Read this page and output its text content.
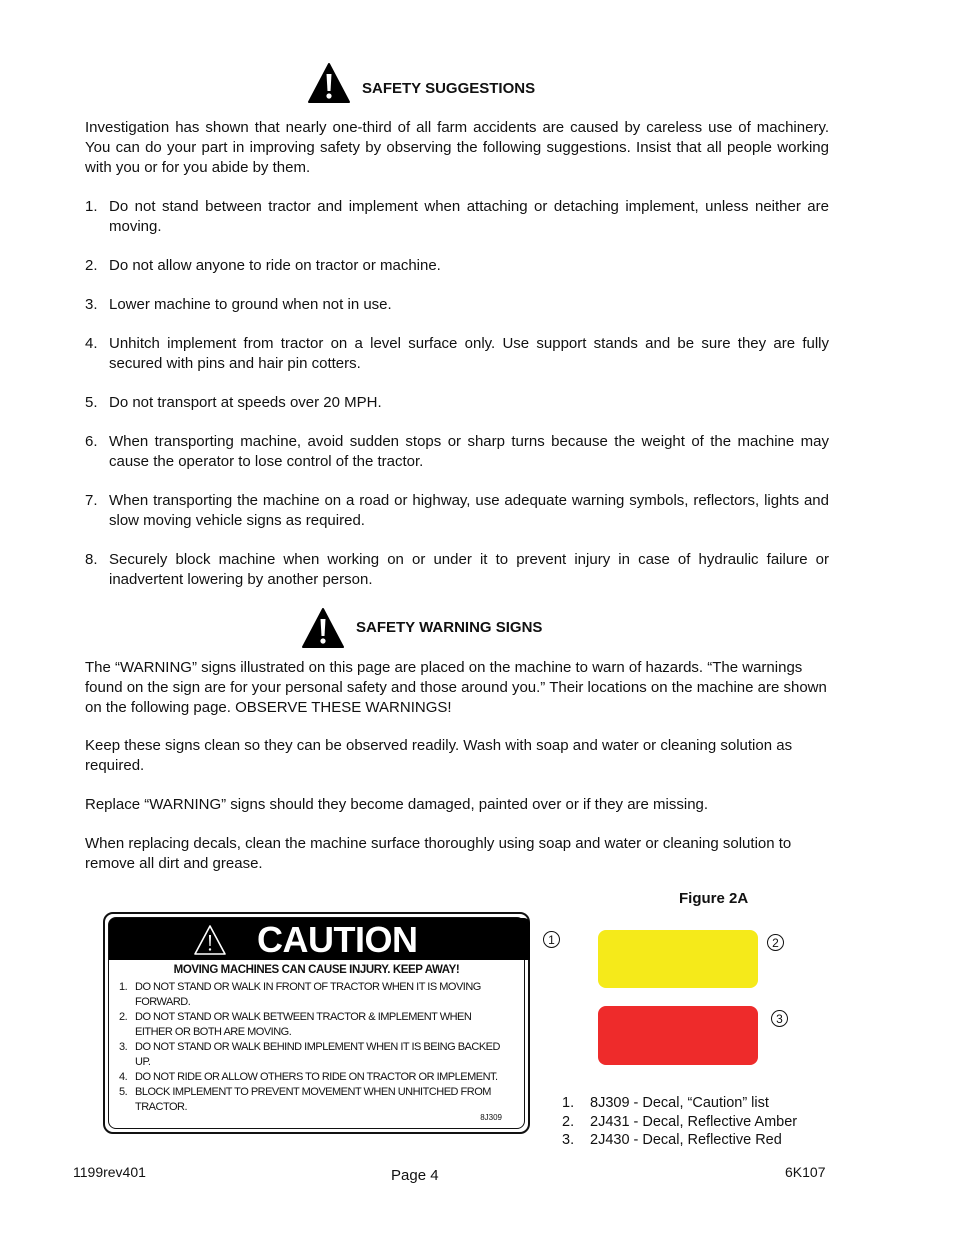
SAFETY SUGGESTIONS
Investigation has shown that nearly one-third of all farm accidents are caused by careless use of machinery. You can do your part in improving safety by observing the following suggestions. Insist that all people working with you or for you abide by them.
1. Do not stand between tractor and implement when attaching or detaching implement, unless neither are moving.
2. Do not allow anyone to ride on tractor or machine.
3. Lower machine to ground when not in use.
4. Unhitch implement from tractor on a level surface only. Use support stands and be sure they are fully secured with pins and hair pin cotters.
5. Do not transport at speeds over 20 MPH.
6. When transporting machine, avoid sudden stops or sharp turns because the weight of the machine may cause the operator to lose control of the tractor.
7. When transporting the machine on a road or highway, use adequate warning symbols, reflectors, lights and slow moving vehicle signs as required.
8. Securely block machine when working on or under it to prevent injury in case of hydraulic failure or inadvertent lowering by another person.
SAFETY WARNING SIGNS
The “WARNING” signs illustrated on this page are placed on the machine to warn of hazards. “The warnings found on the sign are for your personal safety and those around you.” Their locations on the machine are shown on the following page. OBSERVE THESE WARNINGS!
Keep these signs clean so they can be observed readily. Wash with soap and water or cleaning solution as required.
Replace “WARNING” signs should they become damaged, painted over or if they are missing.
When replacing decals, clean the machine surface thoroughly using soap and water or cleaning solution to remove all dirt and grease.
Figure 2A
CAUTION
MOVING MACHINES CAN CAUSE INJURY. KEEP AWAY!
1. DO NOT STAND OR WALK IN FRONT OF TRACTOR WHEN IT IS MOVING FORWARD.
2. DO NOT STAND OR WALK BETWEEN TRACTOR & IMPLEMENT WHEN EITHER OR BOTH ARE MOVING.
3. DO NOT STAND OR WALK BEHIND IMPLEMENT WHEN IT IS BEING BACKED UP.
4. DO NOT RIDE OR ALLOW OTHERS TO RIDE ON TRACTOR OR IMPLEMENT.
5. BLOCK IMPLEMENT TO PREVENT MOVEMENT WHEN UNHITCHED FROM TRACTOR.
8J309
1	2
3
1. 8J309 - Decal, “Caution” list
2. 2J431 - Decal, Reflective Amber
3. 2J430 - Decal, Reflective Red
1199rev401	Page 4	6K107
